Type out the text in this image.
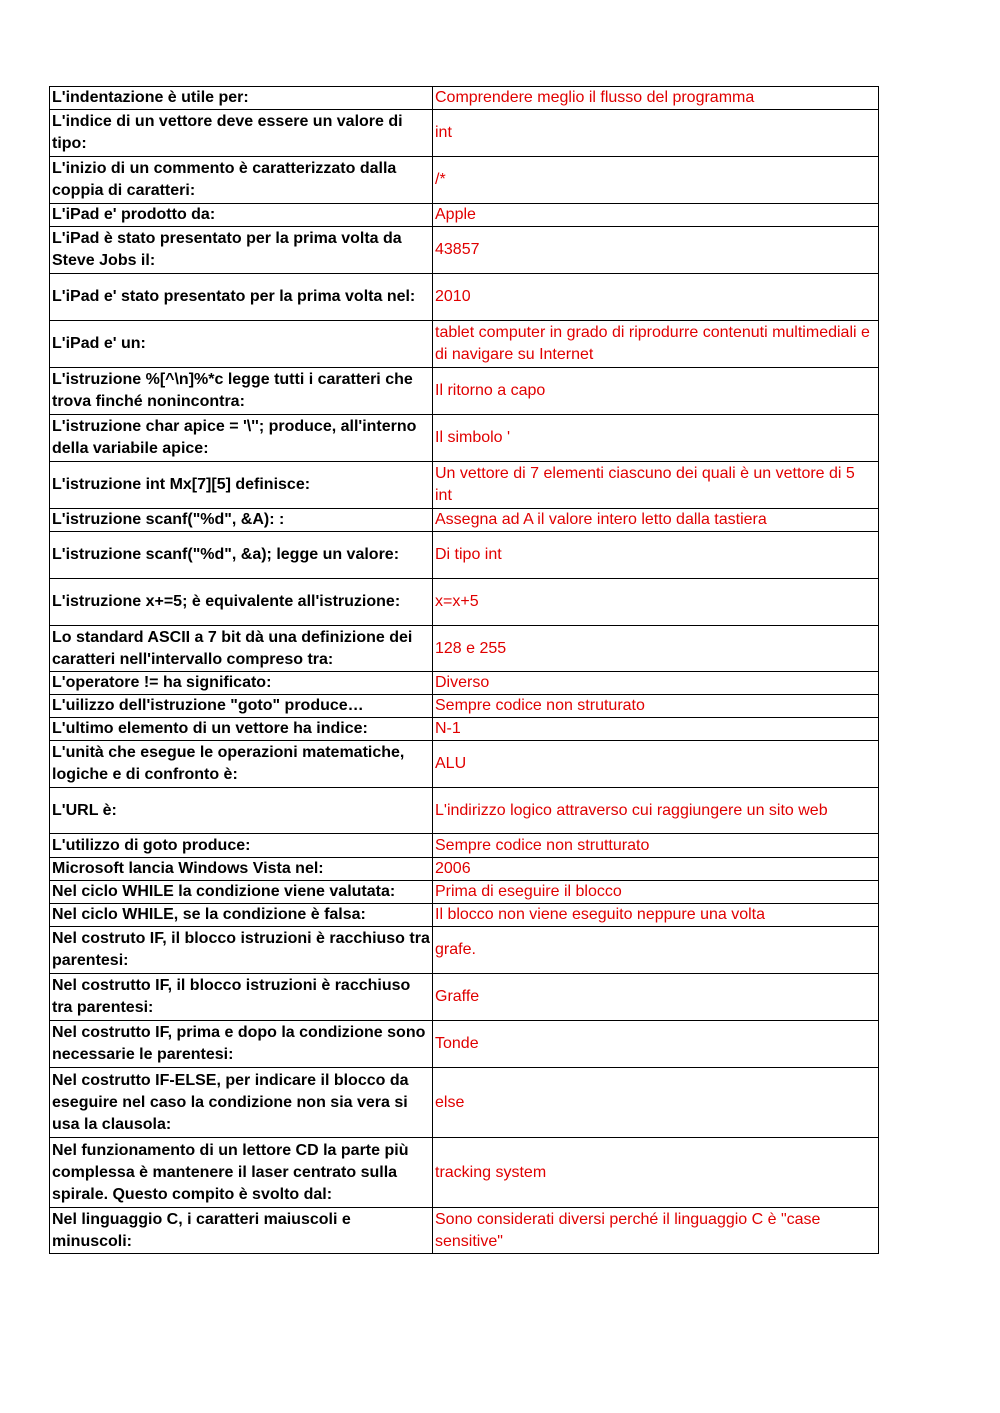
L'indentazione è utile per:	Comprendere meglio il flusso del programma
L'indice di un vettore deve essere un valore di tipo:	int
L'inizio di un commento è caratterizzato dalla coppia di caratteri:	/*
L'iPad e' prodotto da:	Apple
L'iPad è stato presentato per la prima volta da Steve Jobs il:	43857
L'iPad e' stato presentato per la prima volta nel:	2010
L'iPad e' un:	tablet computer in grado di riprodurre contenuti multimediali e di navigare su Internet
L'istruzione %[^\n]%*c legge tutti i caratteri che trova finché nonincontra:	Il ritorno a capo
L'istruzione char apice = '\''; produce, all'interno della variabile apice:	Il simbolo '
L'istruzione int Mx[7][5] definisce:	Un vettore di 7 elementi ciascuno dei quali è un vettore di 5 int
L'istruzione scanf("%d", &A): :	Assegna ad A il valore intero letto dalla tastiera
L'istruzione scanf("%d", &a); legge un valore:	Di tipo int
L'istruzione x+=5; è equivalente all'istruzione:	x=x+5
Lo standard ASCII a 7 bit dà una definizione dei caratteri nell'intervallo compreso tra:	128 e 255
L'operatore != ha significato:	Diverso
L'uilizzo dell'istruzione "goto" produce…	Sempre codice non struturato
L'ultimo elemento di un vettore ha indice:	N-1
L'unità che esegue le operazioni matematiche, logiche e di confronto è:	ALU
L'URL è:	L'indirizzo logico attraverso cui raggiungere un sito web
L'utilizzo di goto produce:	Sempre codice non strutturato
Microsoft lancia Windows Vista nel:	2006
Nel ciclo WHILE la condizione viene valutata:	Prima di eseguire il blocco
Nel ciclo WHILE, se la condizione è falsa:	Il blocco non viene eseguito neppure una volta
Nel costruto IF, il blocco istruzioni è racchiuso tra parentesi:	grafe.
Nel costrutto IF, il blocco istruzioni è racchiuso tra parentesi:	Graffe
Nel costrutto IF, prima e dopo la condizione sono necessarie le parentesi:	Tonde
Nel costrutto IF-ELSE, per indicare il blocco da eseguire nel caso la condizione non sia vera si usa la clausola:	else
Nel funzionamento di un lettore CD la parte più complessa è mantenere il laser centrato sulla spirale. Questo compito è svolto dal:	tracking system
Nel linguaggio C, i caratteri maiuscoli e minuscoli:	Sono considerati diversi perché il linguaggio C è "case sensitive"
